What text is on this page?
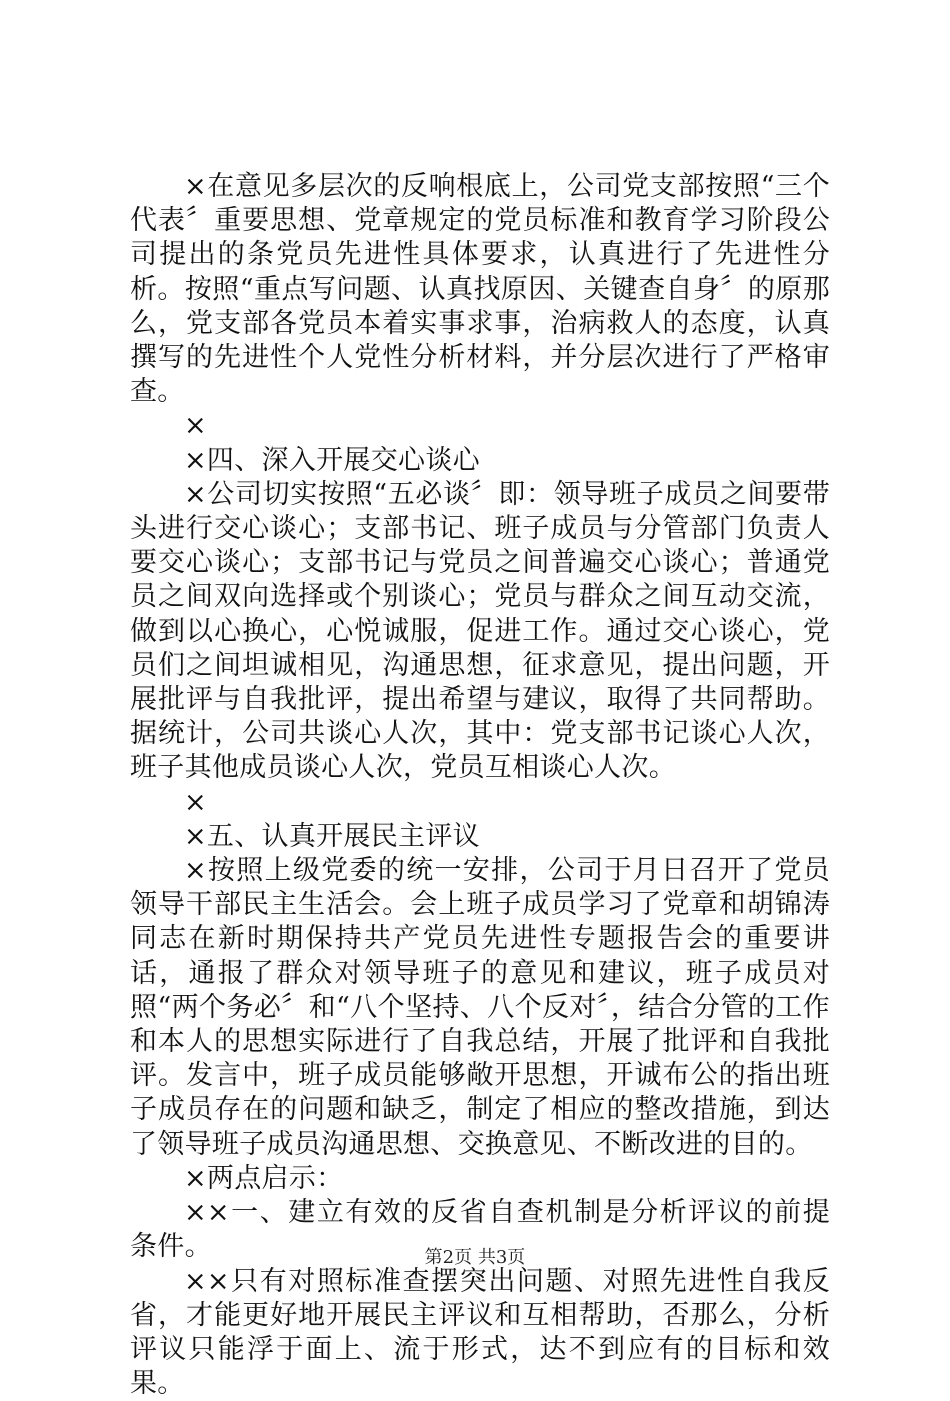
×在意见多层次的反响根底上，公司党支部按照“三个代表〞重要思想、党章规定的党员标准和教育学习阶段公司提出的条党员先进性具体要求，认真进行了先进性分析。按照“重点写问题、认真找原因、关键查自身〞的原那么，党支部各党员本着实事求事，治病救人的态度，认真撰写的先进性个人党性分析材料，并分层次进行了严格审查。

×

×四、深入开展交心谈心

×公司切实按照“五必谈〞即：领导班子成员之间要带头进行交心谈心；支部书记、班子成员与分管部门负责人要交心谈心；支部书记与党员之间普遍交心谈心；普通党员之间双向选择或个别谈心；党员与群众之间互动交流，做到以心换心，心悦诚服，促进工作。通过交心谈心，党员们之间坦诚相见，沟通思想，征求意见，提出问题，开展批评与自我批评，提出希望与建议，取得了共同帮助。据统计，公司共谈心人次，其中：党支部书记谈心人次，班子其他成员谈心人次，党员互相谈心人次。

×

×五、认真开展民主评议

×按照上级党委的统一安排，公司于月日召开了党员领导干部民主生活会。会上班子成员学习了党章和胡锦涛同志在新时期保持共产党员先进性专题报告会的重要讲话，通报了群众对领导班子的意见和建议，班子成员对照“两个务必〞和“八个坚持、八个反对〞，结合分管的工作和本人的思想实际进行了自我总结，开展了批评和自我批评。发言中，班子成员能够敞开思想，开诚布公的指出班子成员存在的问题和缺乏，制定了相应的整改措施，到达了领导班子成员沟通思想、交换意见、不断改进的目的。

×两点启示：

××一、建立有效的反省自查机制是分析评议的前提条件。

××只有对照标准查摆突出问题、对照先进性自我反省，才能更好地开展民主评议和互相帮助，否那么，分析评议只能浮于面上、流于形式，达不到应有的目标和效果。

第2页 共3页
